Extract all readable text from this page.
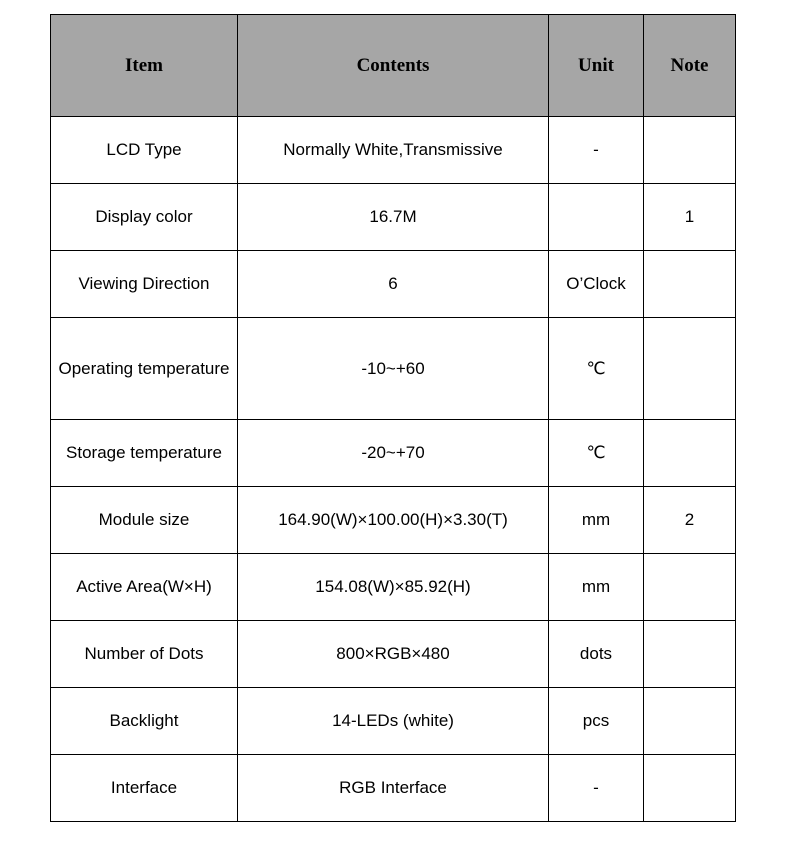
Item	Contents	Unit	Note
LCD Type	Normally White,Transmissive	-	
Display color	16.7M		1
Viewing Direction	6	O’Clock	
Operating temperature	-10~+60	℃	
Storage temperature	-20~+70	℃	
Module size	164.90(W)×100.00(H)×3.30(T)	mm	2
Active Area(W×H)	154.08(W)×85.92(H)	mm	
Number of Dots	800×RGB×480	dots	
Backlight	14-LEDs (white)	pcs	
Interface	RGB Interface	-	
